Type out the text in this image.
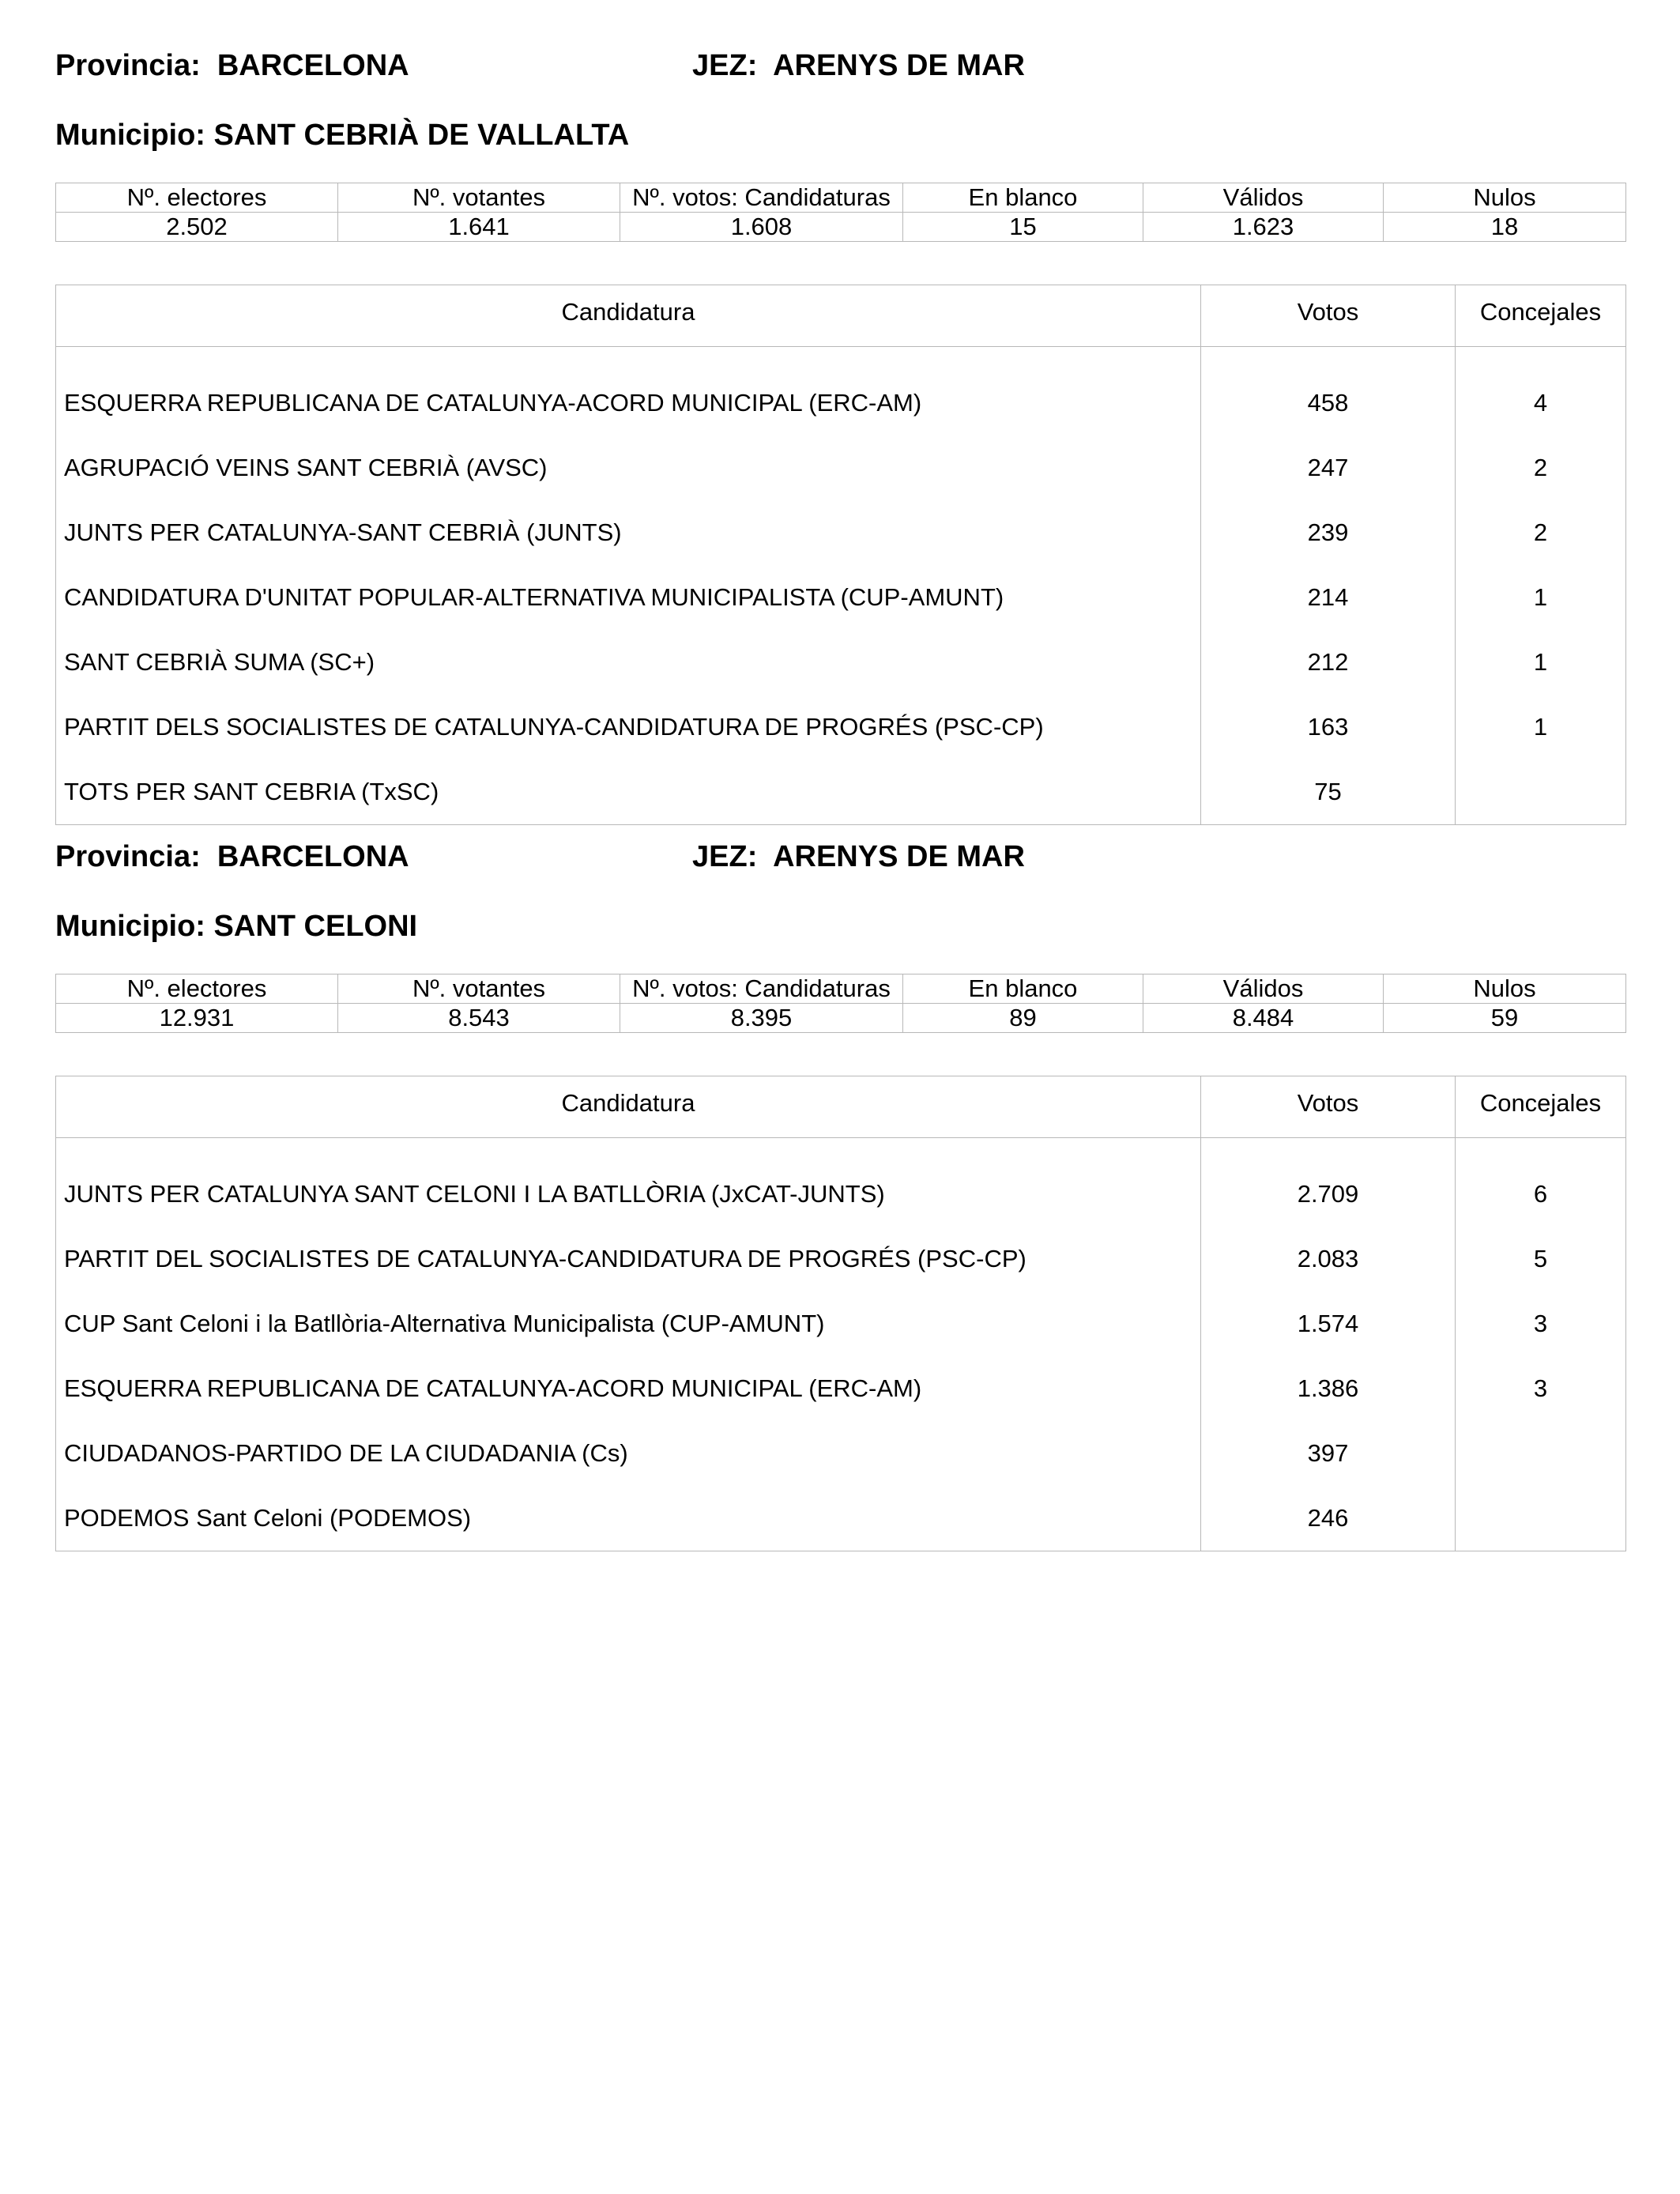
Provincia: BARCELONA	JEZ: ARENYS DE MAR
Municipio: SANT CEBRIÀ DE VALLALTA
Nº. electores	Nº. votantes	Nº. votos: Candidaturas	En blanco	Válidos	Nulos
2.502	1.641	1.608	15	1.623	18
Candidatura	Votos	Concejales
ESQUERRA REPUBLICANA DE CATALUNYA-ACORD MUNICIPAL (ERC-AM)	458	4
AGRUPACIÓ VEINS SANT CEBRIÀ (AVSC)	247	2
JUNTS PER CATALUNYA-SANT CEBRIÀ (JUNTS)	239	2
CANDIDATURA D'UNITAT POPULAR-ALTERNATIVA MUNICIPALISTA (CUP-AMUNT)	214	1
SANT CEBRIÀ SUMA (SC+)	212	1
PARTIT DELS SOCIALISTES DE CATALUNYA-CANDIDATURA DE PROGRÉS (PSC-CP)	163	1
TOTS PER SANT CEBRIA (TxSC)	75	
Provincia: BARCELONA	JEZ: ARENYS DE MAR
Municipio: SANT CELONI
Nº. electores	Nº. votantes	Nº. votos: Candidaturas	En blanco	Válidos	Nulos
12.931	8.543	8.395	89	8.484	59
Candidatura	Votos	Concejales
JUNTS PER CATALUNYA SANT CELONI I LA BATLLÒRIA (JxCAT-JUNTS)	2.709	6
PARTIT DEL SOCIALISTES DE CATALUNYA-CANDIDATURA DE PROGRÉS (PSC-CP)	2.083	5
CUP Sant Celoni i la Batllòria-Alternativa Municipalista (CUP-AMUNT)	1.574	3
ESQUERRA REPUBLICANA DE CATALUNYA-ACORD MUNICIPAL (ERC-AM)	1.386	3
CIUDADANOS-PARTIDO DE LA CIUDADANIA (Cs)	397	
PODEMOS Sant Celoni (PODEMOS)	246	
